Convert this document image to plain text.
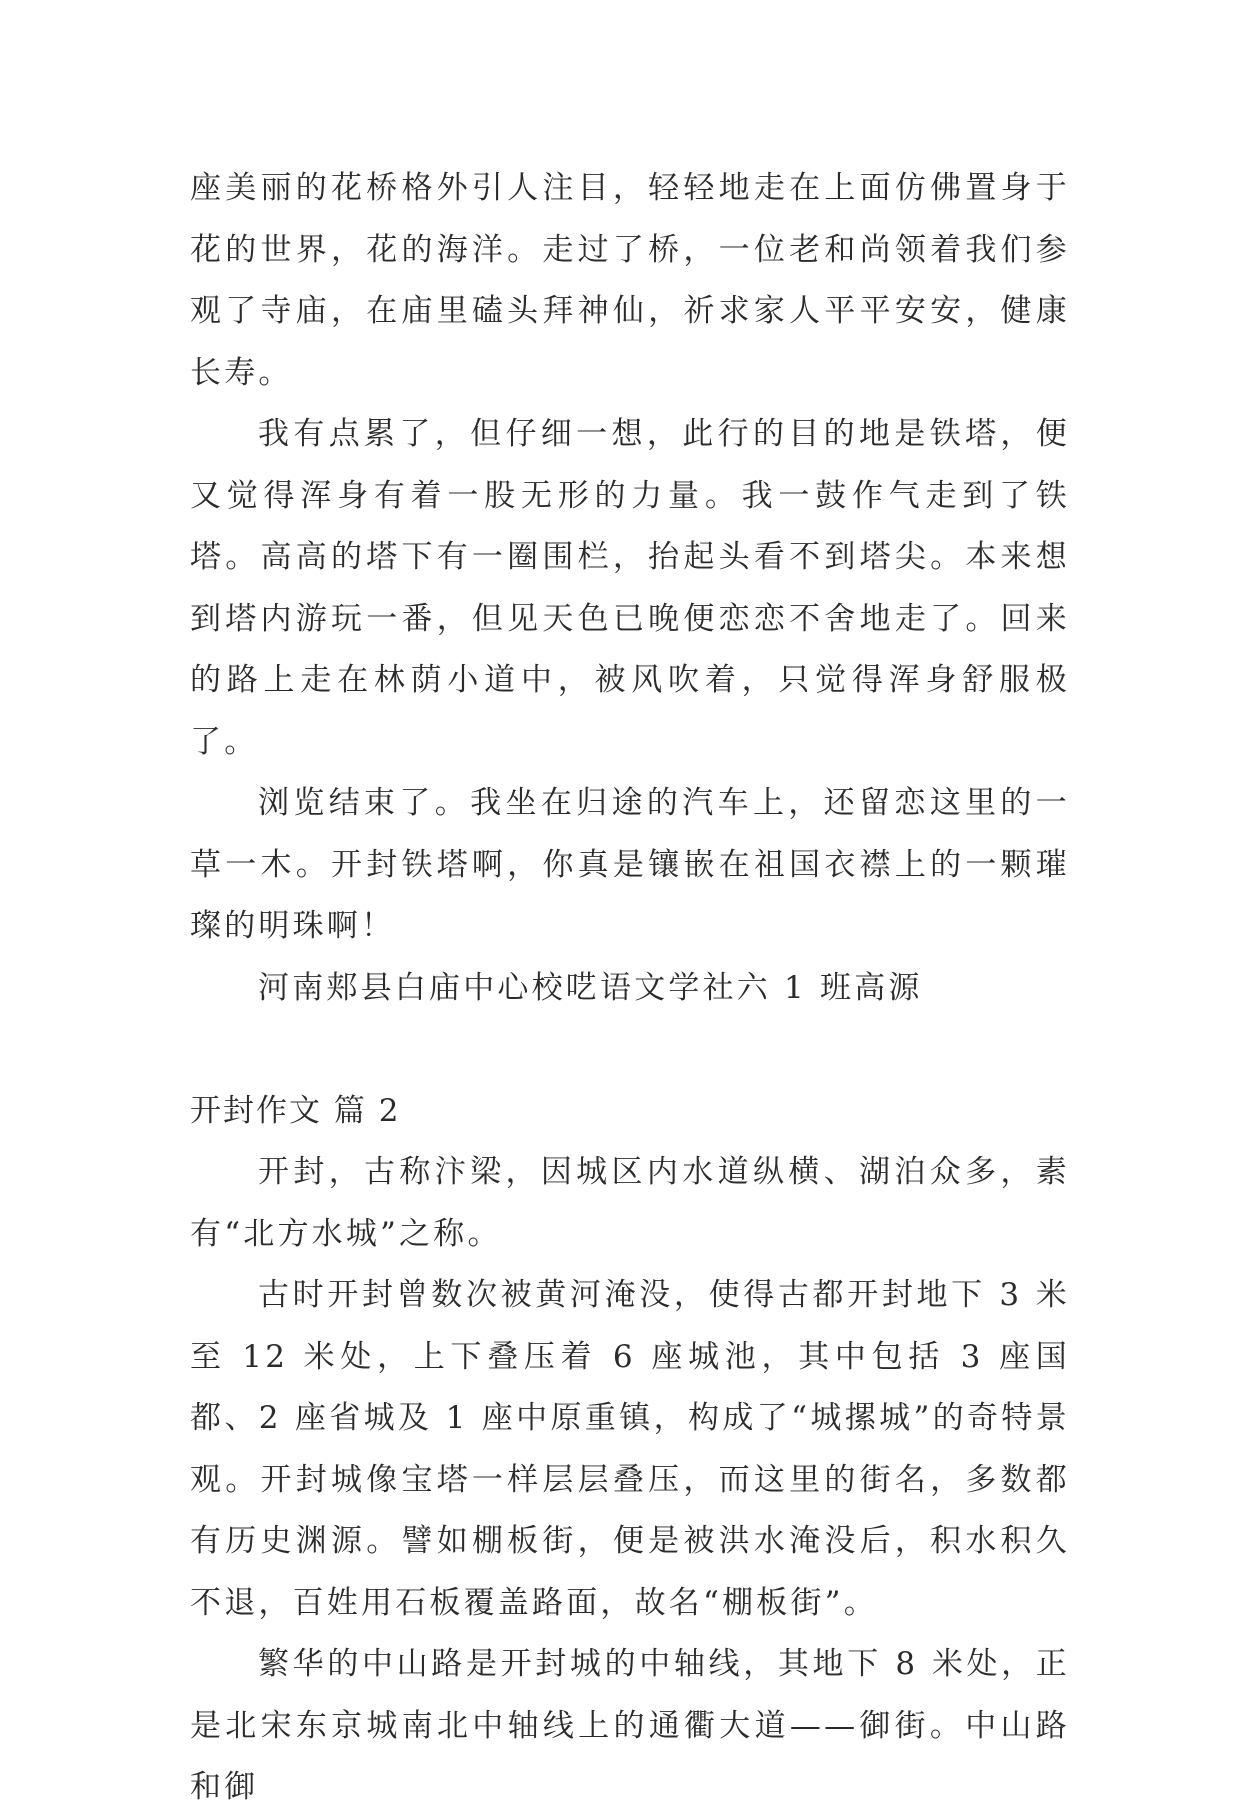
座美丽的花桥格外引人注目，轻轻地走在上面仿佛置身于花的世界，花的海洋。走过了桥，一位老和尚领着我们参观了寺庙，在庙里磕头拜神仙，祈求家人平平安安，健康长寿。

我有点累了，但仔细一想，此行的目的地是铁塔，便又觉得浑身有着一股无形的力量。我一鼓作气走到了铁塔。高高的塔下有一圈围栏，抬起头看不到塔尖。本来想到塔内游玩一番，但见天色已晚便恋恋不舍地走了。回来的路上走在林荫小道中，被风吹着，只觉得浑身舒服极了。

浏览结束了。我坐在归途的汽车上，还留恋这里的一草一木。开封铁塔啊，你真是镶嵌在祖国衣襟上的一颗璀璨的明珠啊！

河南郏县白庙中心校呓语文学社六 1 班高源

开封作文 篇 2

开封，古称汴梁，因城区内水道纵横、湖泊众多，素有“北方水城”之称。

古时开封曾数次被黄河淹没，使得古都开封地下 3 米至 12 米处，上下叠压着 6 座城池，其中包括 3 座国都、2 座省城及 1 座中原重镇，构成了“城摞城”的奇特景观。开封城像宝塔一样层层叠压，而这里的街名，多数都有历史渊源。譬如棚板街，便是被洪水淹没后，积水积久不退，百姓用石板覆盖路面，故名“棚板街”。

繁华的中山路是开封城的中轴线，其地下 8 米处，正是北宋东京城南北中轴线上的通衢大道——御街。中山路和御
